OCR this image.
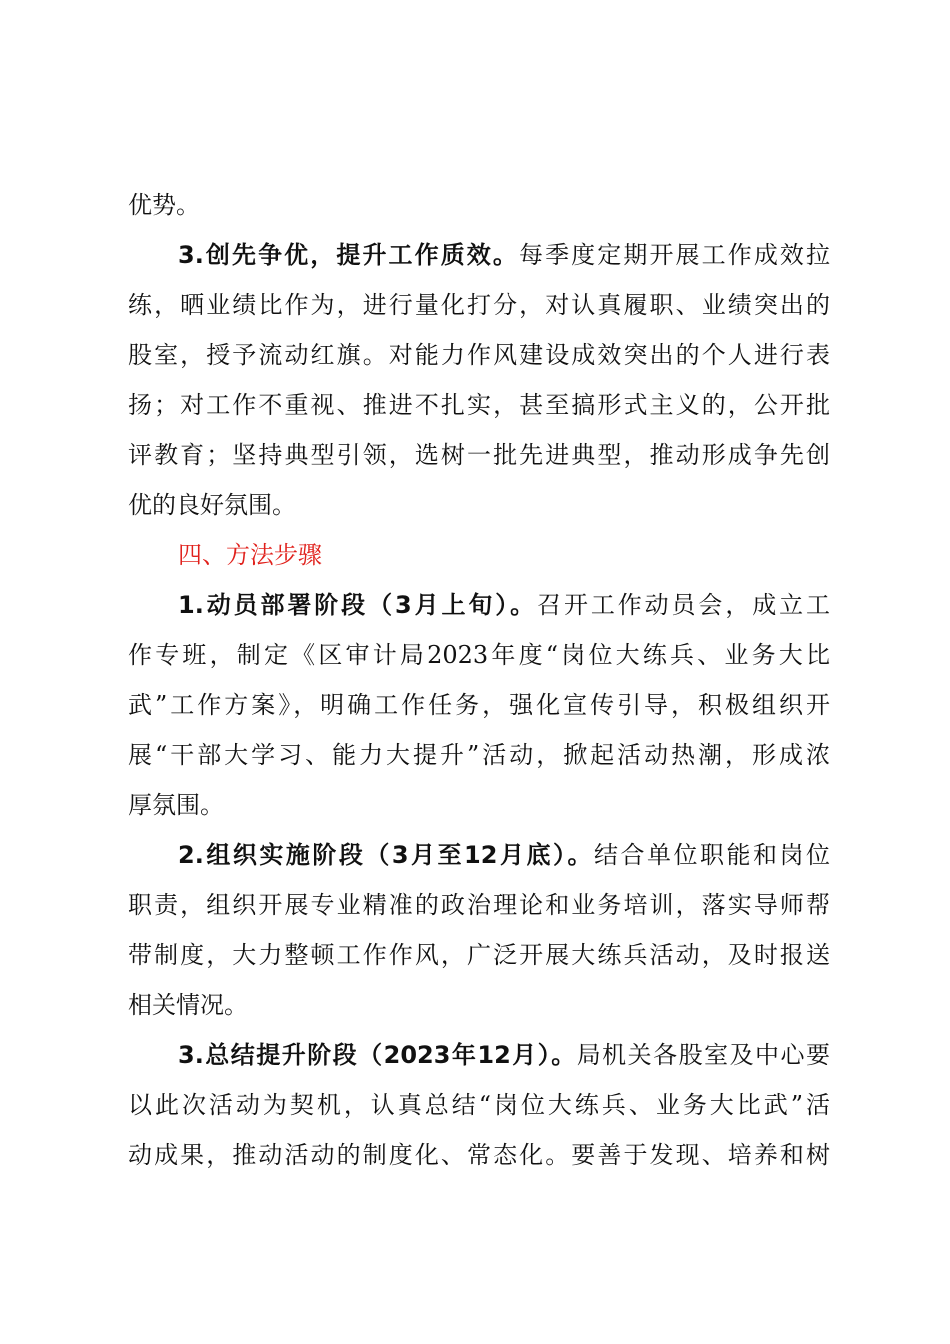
优势。
3.创先争优，提升工作质效。每季度定期开展工作成效拉
练，晒业绩比作为，进行量化打分，对认真履职、业绩突出的
股室，授予流动红旗。对能力作风建设成效突出的个人进行表
扬；对工作不重视、推进不扎实，甚至搞形式主义的，公开批
评教育；坚持典型引领，选树一批先进典型，推动形成争先创
优的良好氛围。
四、方法步骤
1.动员部署阶段（3月上旬）。召开工作动员会，成立工
作专班，制定《区审计局2023年度“岗位大练兵、业务大比
武”工作方案》，明确工作任务，强化宣传引导，积极组织开
展“干部大学习、能力大提升”活动，掀起活动热潮，形成浓
厚氛围。
2.组织实施阶段（3月至12月底）。结合单位职能和岗位
职责，组织开展专业精准的政治理论和业务培训，落实导师帮
带制度，大力整顿工作作风，广泛开展大练兵活动，及时报送
相关情况。
3.总结提升阶段（2023年12月）。局机关各股室及中心要
以此次活动为契机，认真总结“岗位大练兵、业务大比武”活
动成果，推动活动的制度化、常态化。要善于发现、培养和树
